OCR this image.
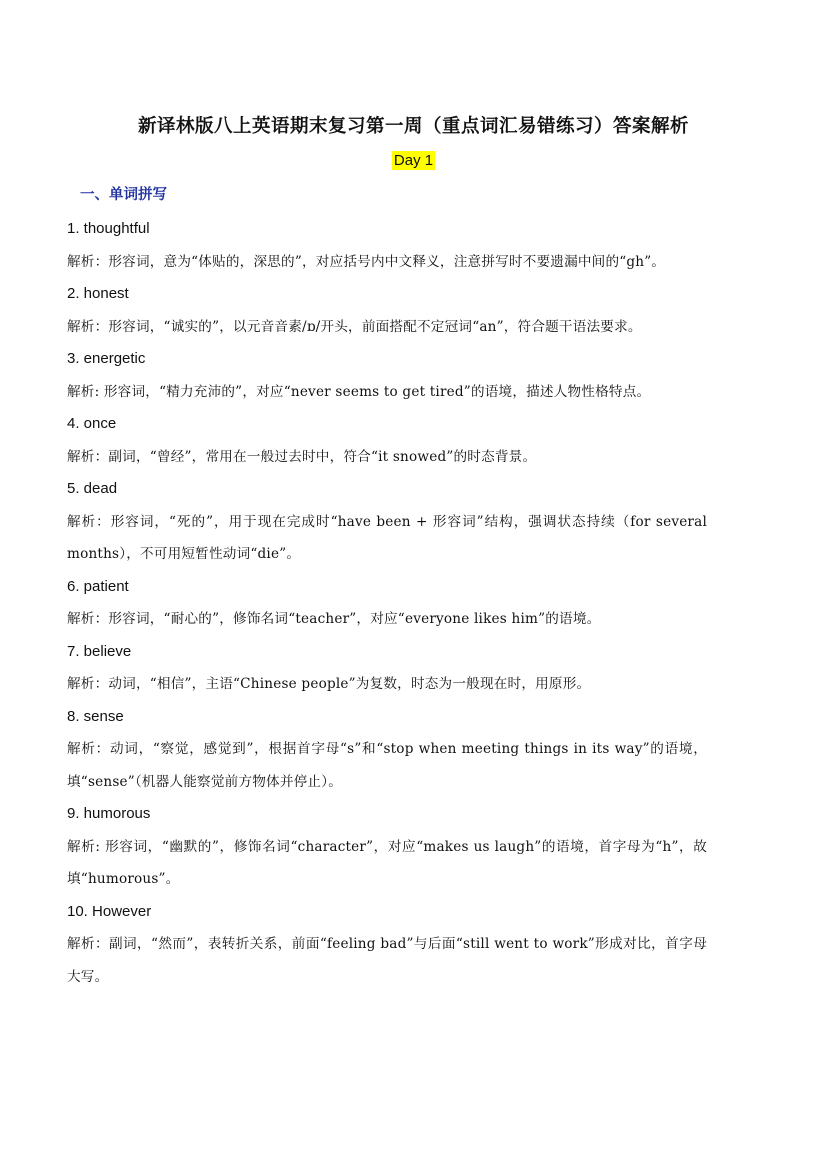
新译林版八上英语期末复习第一周（重点词汇易错练习）答案解析
Day 1
一、单词拼写
1. thoughtful
解析：形容词，意为“体贴的，深思的”，对应括号内中文释义，注意拼写时不要遗漏中间的“gh”。
2. honest
解析：形容词，“诚实的”，以元音音素/ɒ/开头，前面搭配不定冠词“an”，符合题干语法要求。
3. energetic
解析: 形容词，“精力充沛的”，对应“never seems to get tired”的语境，描述人物性格特点。
4. once
解析：副词，“曾经”，常用在一般过去时中，符合“it snowed”的时态背景。
5. dead
解析：形容词，“死的”，用于现在完成时“have been + 形容词”结构，强调状态持续（for several months），不可用短暂性动词“die”。
6. patient
解析：形容词，“耐心的”，修饰名词“teacher”，对应“everyone likes him”的语境。
7. believe
解析：动词，“相信”，主语“Chinese people”为复数，时态为一般现在时，用原形。
8. sense
解析：动词，“察觉，感觉到”，根据首字母“s”和“stop when meeting things in its way”的语境，填“sense”（机器人能察觉前方物体并停止）。
9. humorous
解析: 形容词，“幽默的”，修饰名词“character”，对应“makes us laugh”的语境，首字母为“h”，故填“humorous”。
10. However
解析：副词，“然而”，表转折关系，前面“feeling bad”与后面“still went to work”形成对比，首字母大写。
